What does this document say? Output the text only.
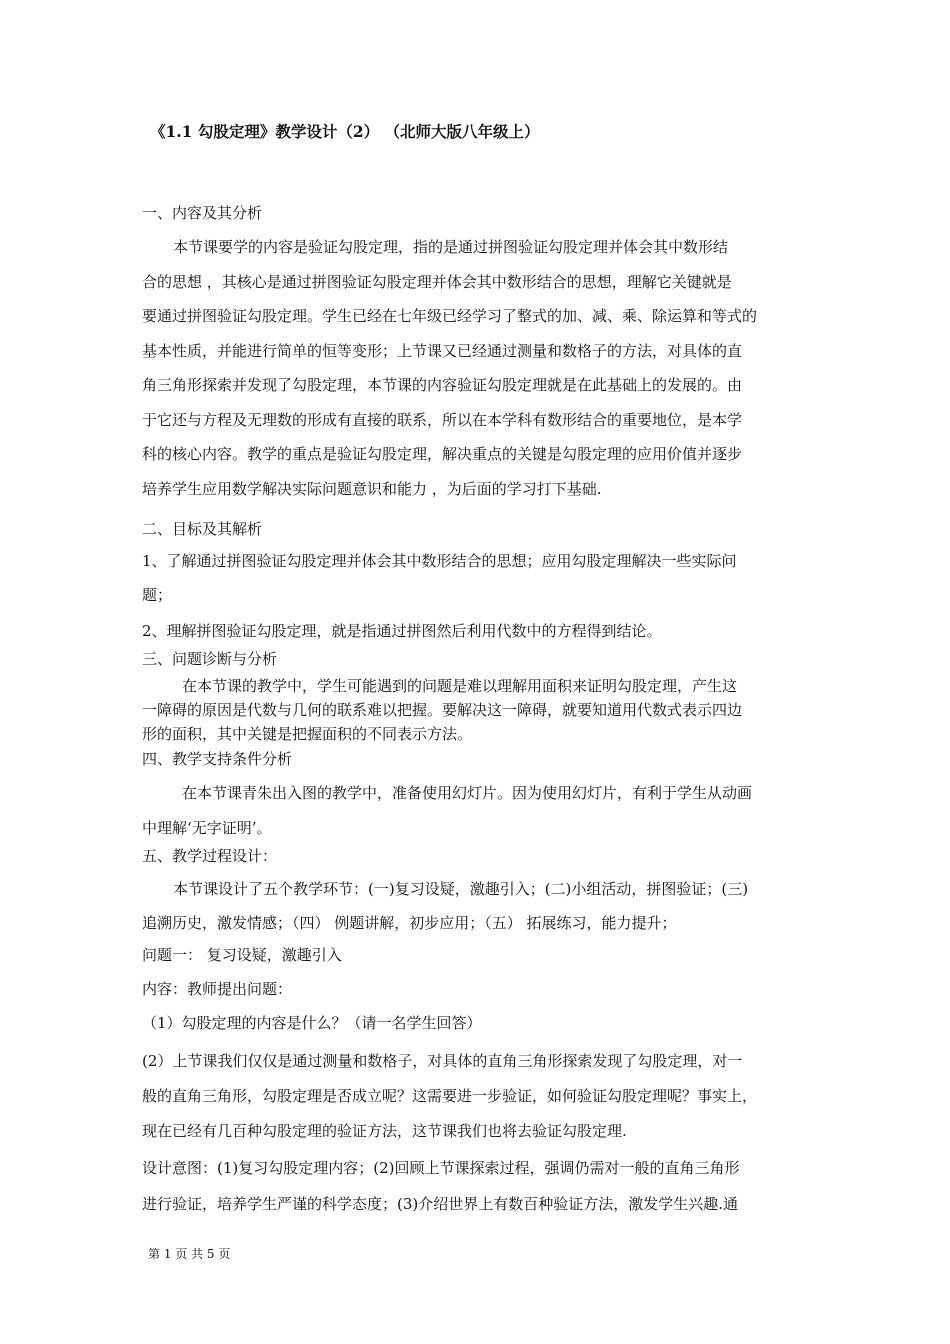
《1.1 勾股定理》教学设计（2） （北师大版八年级上）
一、内容及其分析
本节课要学的内容是验证勾股定理，指的是通过拼图验证勾股定理并体会其中数形结
合的思想 ，其核心是通过拼图验证勾股定理并体会其中数形结合的思想，理解它关键就是
要通过拼图验证勾股定理。学生已经在七年级已经学习了整式的加、减、乘、除运算和等式的
基本性质，并能进行简单的恒等变形；上节课又已经通过测量和数格子的方法，对具体的直
角三角形探索并发现了勾股定理，本节课的内容验证勾股定理就是在此基础上的发展的。由
于它还与方程及无理数的形成有直接的联系，所以在本学科有数形结合的重要地位，是本学
科的核心内容。教学的重点是验证勾股定理，解决重点的关键是勾股定理的应用价值并逐步
培养学生应用数学解决实际问题意识和能力 ，为后面的学习打下基础.
二、目标及其解析
1、了解通过拼图验证勾股定理并体会其中数形结合的思想；应用勾股定理解决一些实际问
题；
2、理解拼图验证勾股定理，就是指通过拼图然后利用代数中的方程得到结论。
三、问题诊断与分析
在本节课的教学中，学生可能遇到的问题是难以理解用面积来证明勾股定理，产生这
一障碍的原因是代数与几何的联系难以把握。要解决这一障碍，就要知道用代数式表示四边
形的面积，其中关键是把握面积的不同表示方法。
四、教学支持条件分析
在本节课青朱出入图的教学中，准备使用幻灯片。因为使用幻灯片，有利于学生从动画
中理解‘无字证明’。
五、教学过程设计：
本节课设计了五个教学环节：(一)复习设疑，激趣引入；(二)小组活动，拼图验证；(三)
追溯历史，激发情感；（四） 例题讲解，初步应用；（五） 拓展练习，能力提升；
问题一： 复习设疑，激趣引入
内容：教师提出问题：
（1）勾股定理的内容是什么？（请一名学生回答）
(2）上节课我们仅仅是通过测量和数格子，对具体的直角三角形探索发现了勾股定理，对一
般的直角三角形，勾股定理是否成立呢？这需要进一步验证，如何验证勾股定理呢？事实上，
现在已经有几百种勾股定理的验证方法，这节课我们也将去验证勾股定理.
设计意图：(1)复习勾股定理内容；(2)回顾上节课探索过程，强调仍需对一般的直角三角形
进行验证，培养学生严谨的科学态度；(3)介绍世界上有数百种验证方法，激发学生兴趣.通
第 1 页 共 5 页
